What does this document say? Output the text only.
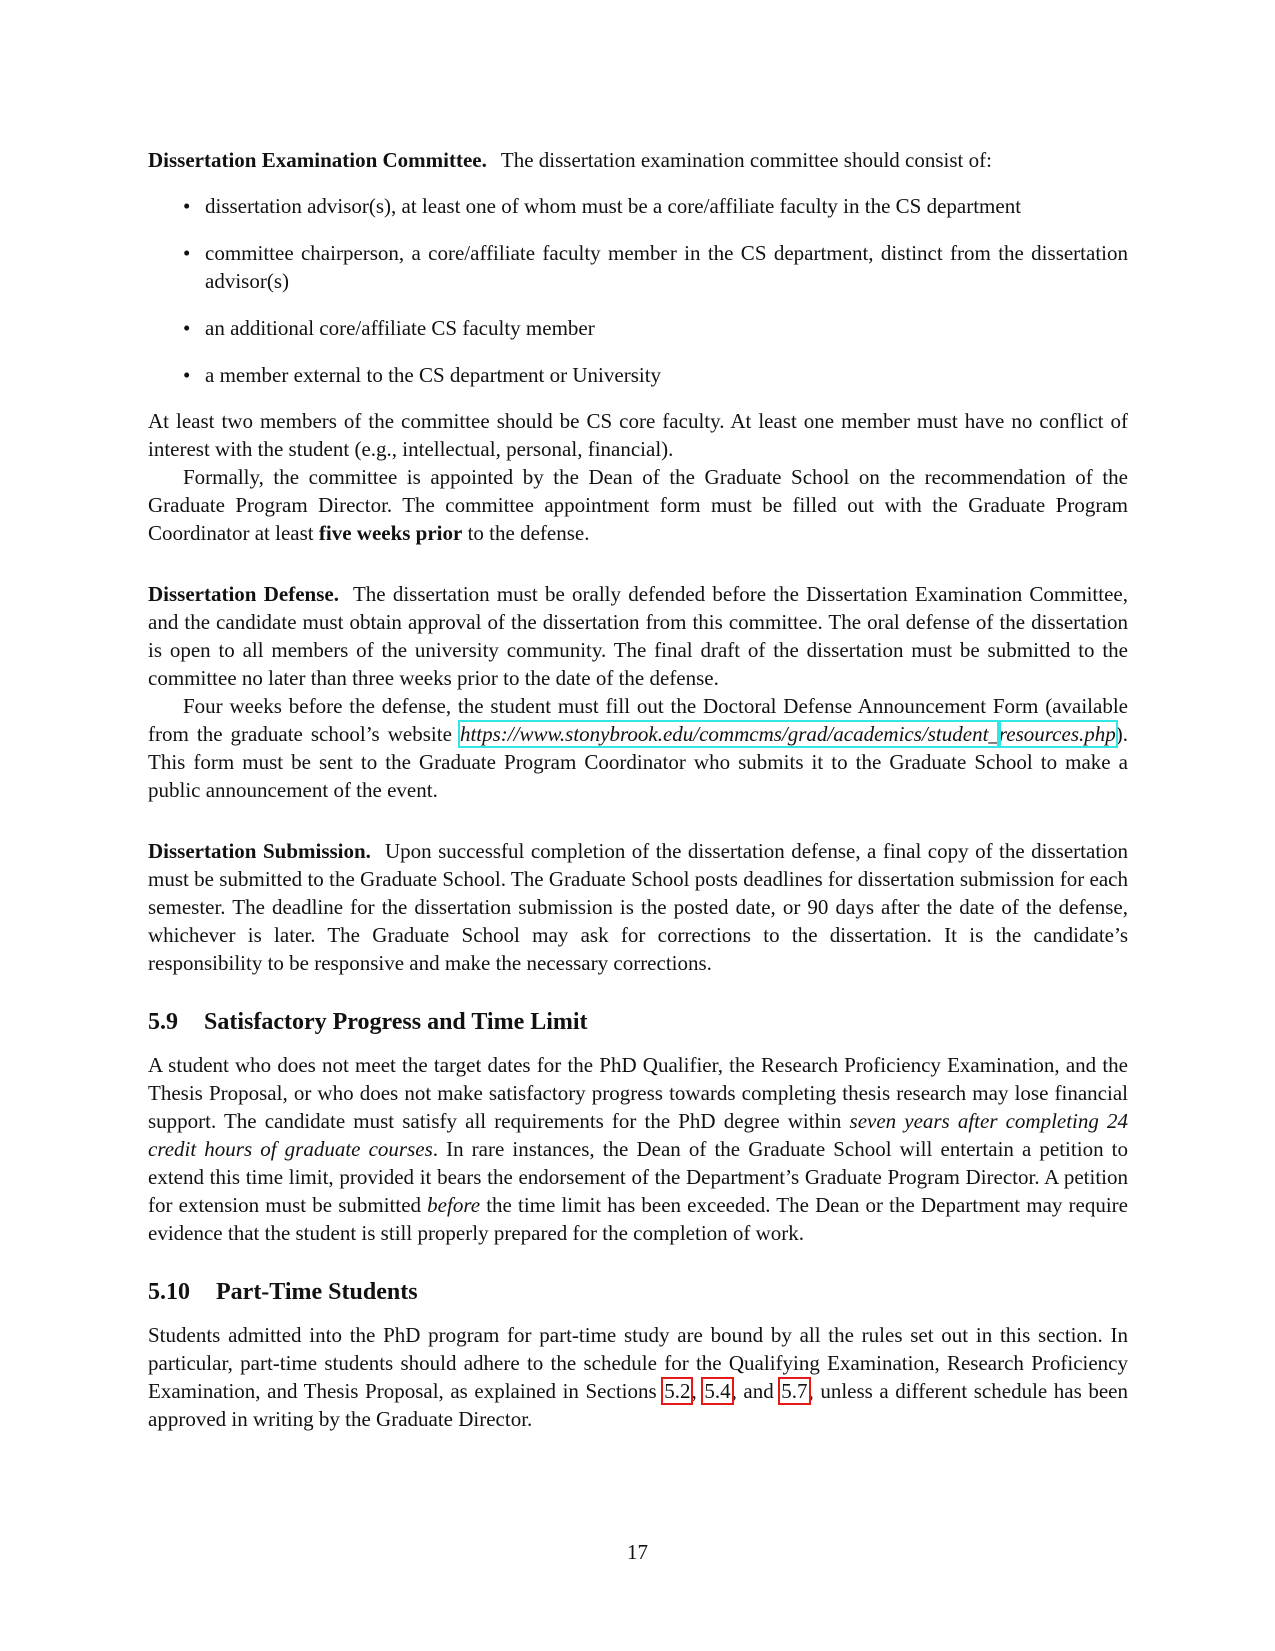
Dissertation Examination Committee. The dissertation examination committee should consist of:

• dissertation advisor(s), at least one of whom must be a core/affiliate faculty in the CS department
• committee chairperson, a core/affiliate faculty member in the CS department, distinct from the dissertation advisor(s)
• an additional core/affiliate CS faculty member
• a member external to the CS department or University

At least two members of the committee should be CS core faculty. At least one member must have no conflict of interest with the student (e.g., intellectual, personal, financial).

Formally, the committee is appointed by the Dean of the Graduate School on the recommendation of the Graduate Program Director. The committee appointment form must be filled out with the Graduate Program Coordinator at least five weeks prior to the defense.

Dissertation Defense. The dissertation must be orally defended before the Dissertation Examination Committee, and the candidate must obtain approval of the dissertation from this committee. The oral defense of the dissertation is open to all members of the university community. The final draft of the dissertation must be submitted to the committee no later than three weeks prior to the date of the defense.

Four weeks before the defense, the student must fill out the Doctoral Defense Announcement Form (available from the graduate school’s website https://www.stonybrook.edu/commcms/grad/academics/student_resources.php). This form must be sent to the Graduate Program Coordinator who submits it to the Graduate School to make a public announcement of the event.

Dissertation Submission. Upon successful completion of the dissertation defense, a final copy of the dissertation must be submitted to the Graduate School. The Graduate School posts deadlines for dissertation submission for each semester. The deadline for the dissertation submission is the posted date, or 90 days after the date of the defense, whichever is later. The Graduate School may ask for corrections to the dissertation. It is the candidate’s responsibility to be responsive and make the necessary corrections.

5.9 Satisfactory Progress and Time Limit

A student who does not meet the target dates for the PhD Qualifier, the Research Proficiency Examination, and the Thesis Proposal, or who does not make satisfactory progress towards completing thesis research may lose financial support. The candidate must satisfy all requirements for the PhD degree within seven years after completing 24 credit hours of graduate courses. In rare instances, the Dean of the Graduate School will entertain a petition to extend this time limit, provided it bears the endorsement of the Department’s Graduate Program Director. A petition for extension must be submitted before the time limit has been exceeded. The Dean or the Department may require evidence that the student is still properly prepared for the completion of work.

5.10 Part-Time Students

Students admitted into the PhD program for part-time study are bound by all the rules set out in this section. In particular, part-time students should adhere to the schedule for the Qualifying Examination, Research Proficiency Examination, and Thesis Proposal, as explained in Sections 5.2, 5.4, and 5.7, unless a different schedule has been approved in writing by the Graduate Director.

17
